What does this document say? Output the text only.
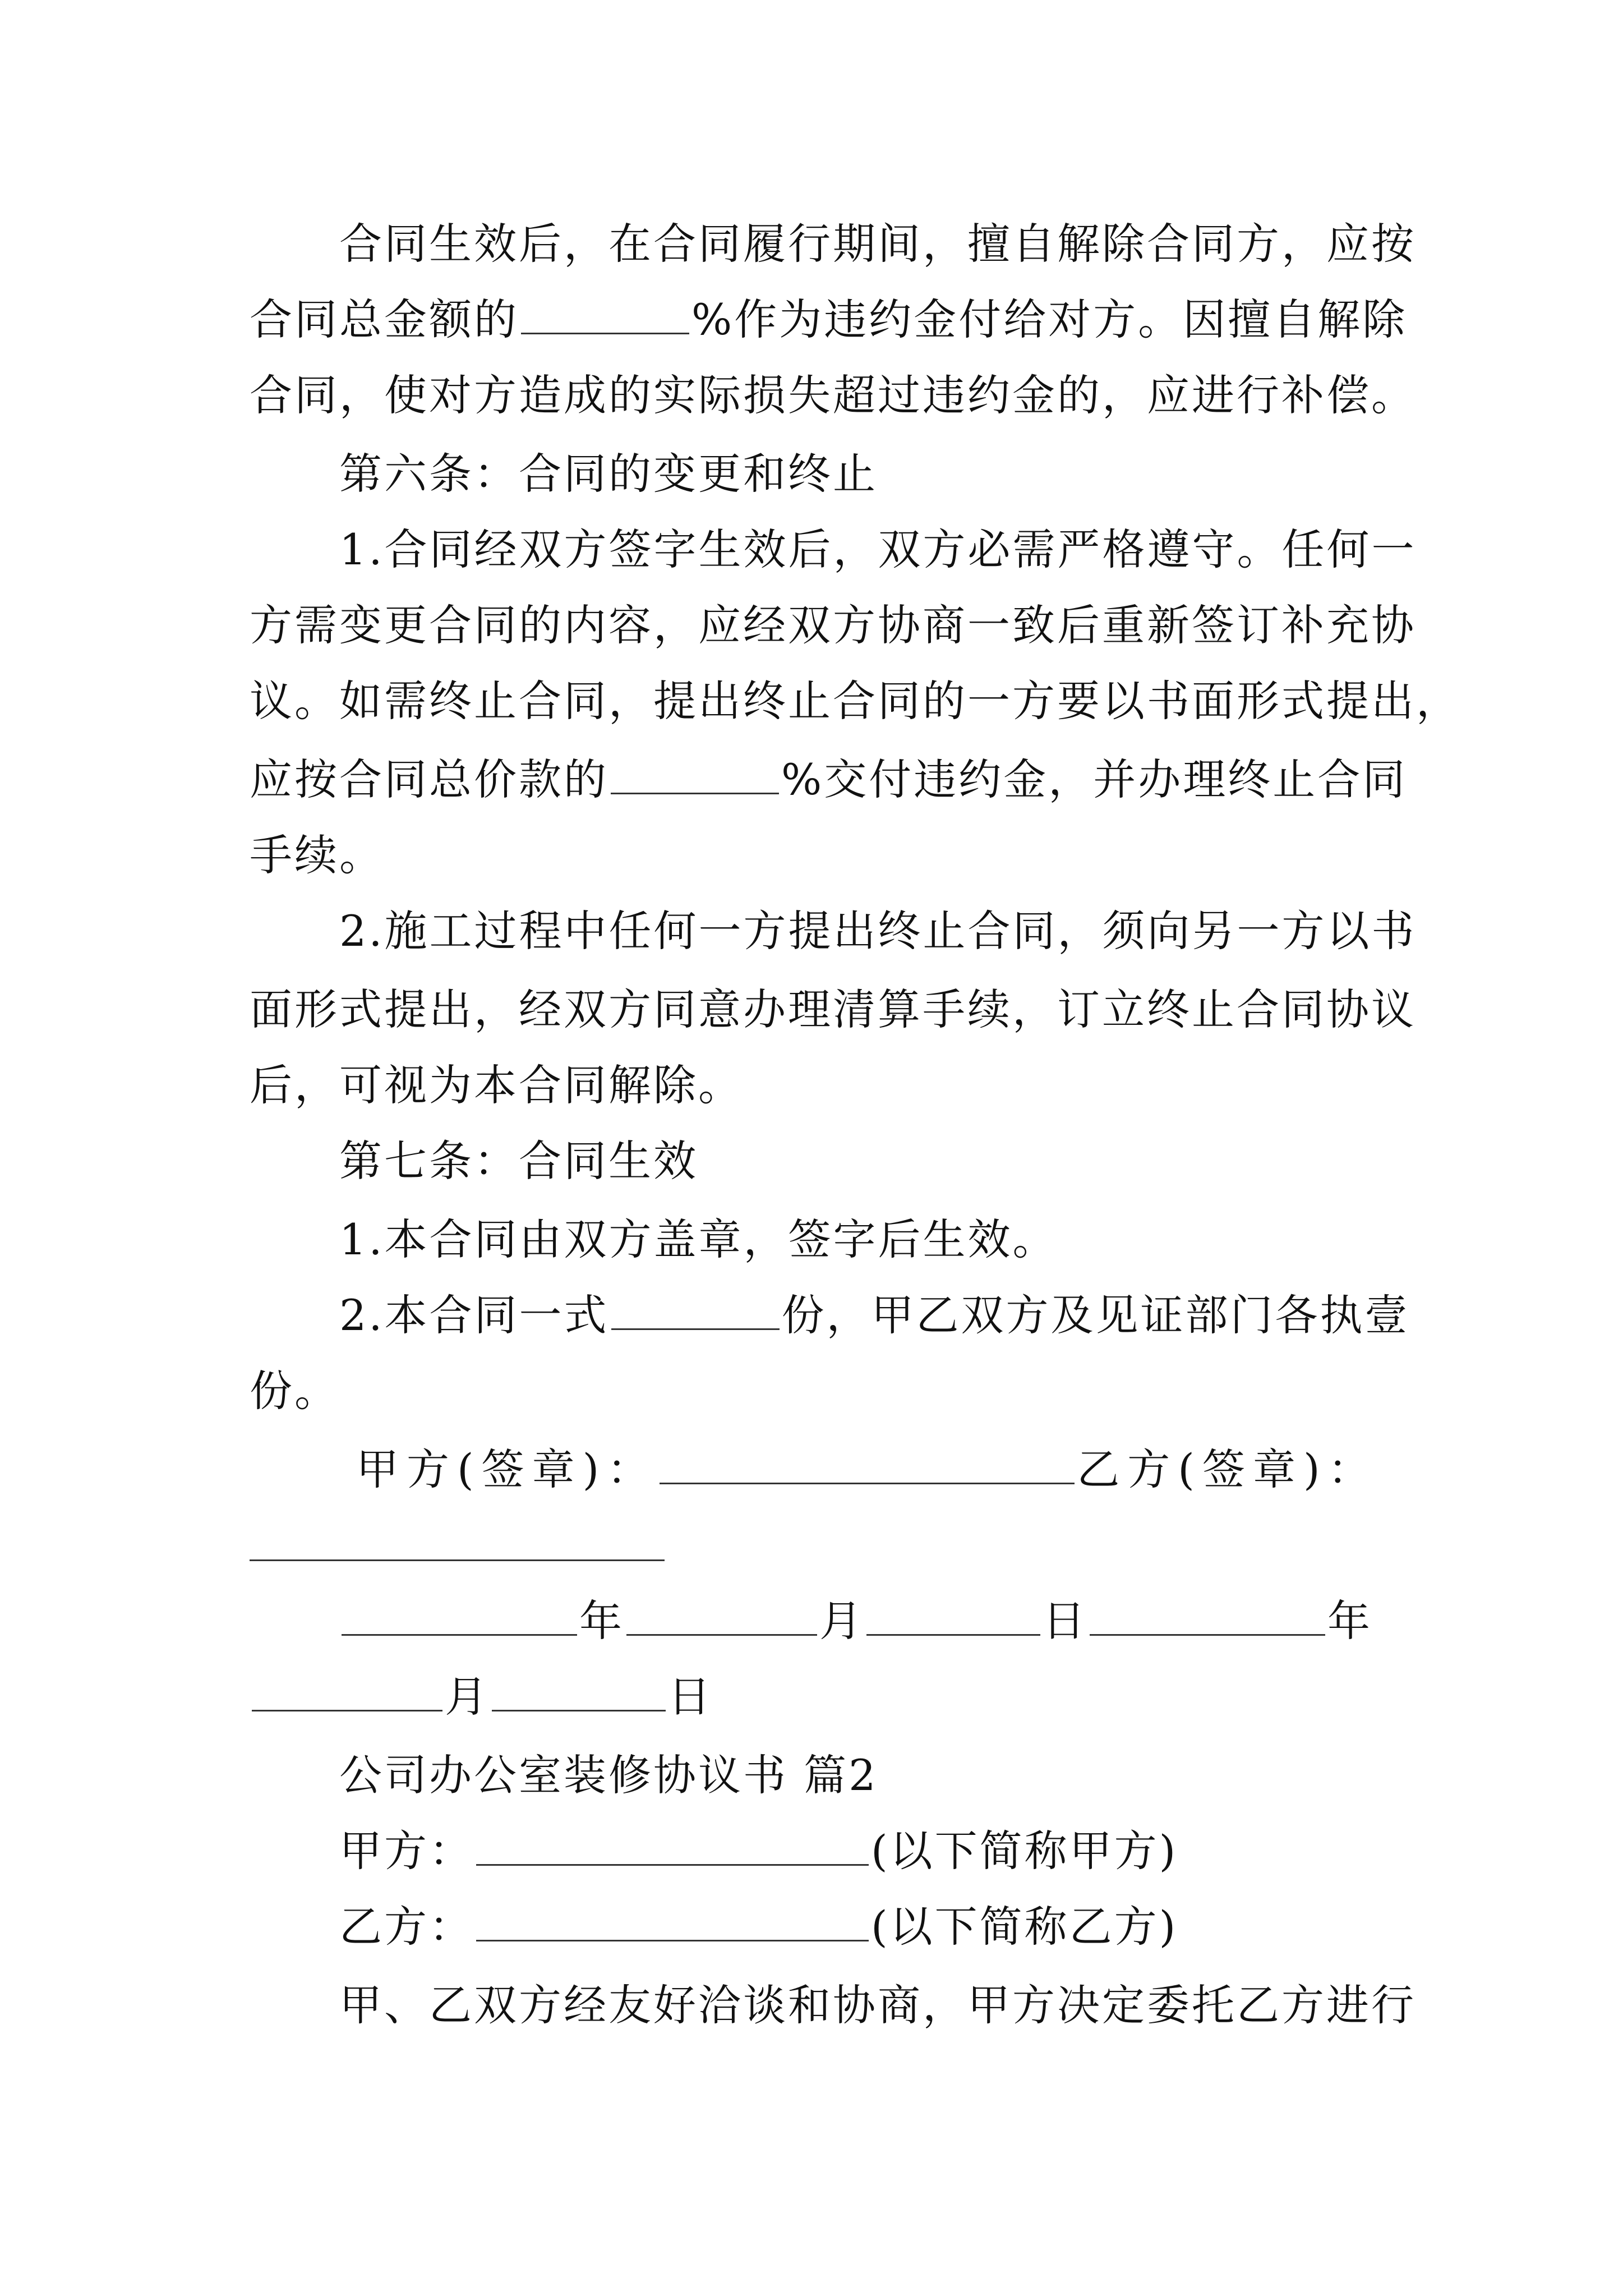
合同生效后，在合同履行期间，擅自解除合同方，应按
合同总金额的	%作为违约金付给对方。因擅自解除
合同，使对方造成的实际损失超过违约金的，应进行补偿。
第六条：合同的变更和终止
1.合同经双方签字生效后，双方必需严格遵守。任何一
方需变更合同的内容，应经双方协商一致后重新签订补充协
议。如需终止合同，提出终止合同的一方要以书面形式提出，
应按合同总价款的	%交付违约金，并办理终止合同
手续。
2.施工过程中任何一方提出终止合同，须向另一方以书
面形式提出，经双方同意办理清算手续，订立终止合同协议
后，可视为本合同解除。
第七条：合同生效
1.本合同由双方盖章，签字后生效。
2.本合同一式	份，甲乙双方及见证部门各执壹
份。
甲方(签章)：	乙方(签章)：
年	月	日	年
月	日
公司办公室装修协议书 篇2
甲方：	(以下简称甲方)
乙方：	(以下简称乙方)
甲、乙双方经友好洽谈和协商，甲方决定委托乙方进行
